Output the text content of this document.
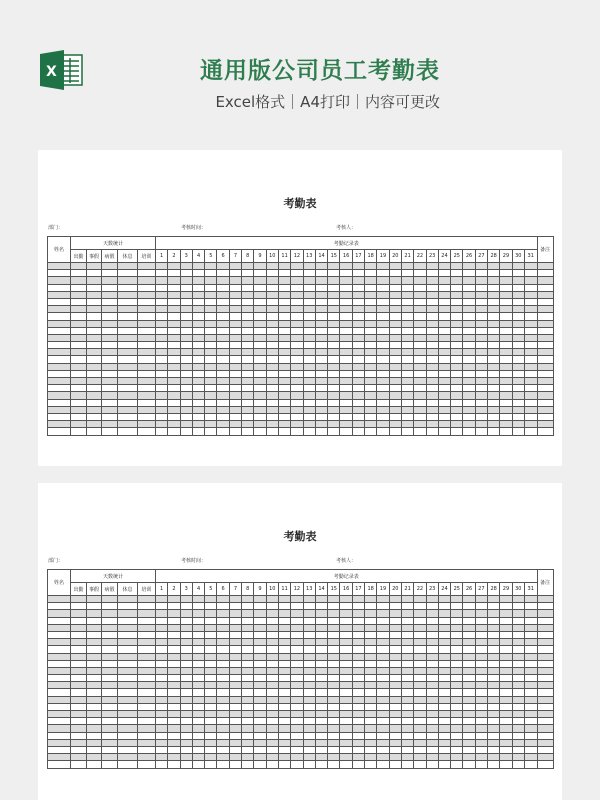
X	通用版公司员工考勤表
Excel格式｜A4打印｜内容可更改
考勤表
部门：	考核时间：	考核人：
姓名	天数统计					考勤记录表																															备注
	出勤	事假	病假	休息	培训	1	2	3	4	5	6	7	8	9	10	11	12	13	14	15	16	17	18	19	20	21	22	23	24	25	26	27	28	29	30	31	

考勤表
部门：	考核时间：	考核人：
姓名	天数统计					考勤记录表																															备注
	出勤	事假	病假	休息	培训	1	2	3	4	5	6	7	8	9	10	11	12	13	14	15	16	17	18	19	20	21	22	23	24	25	26	27	28	29	30	31	
